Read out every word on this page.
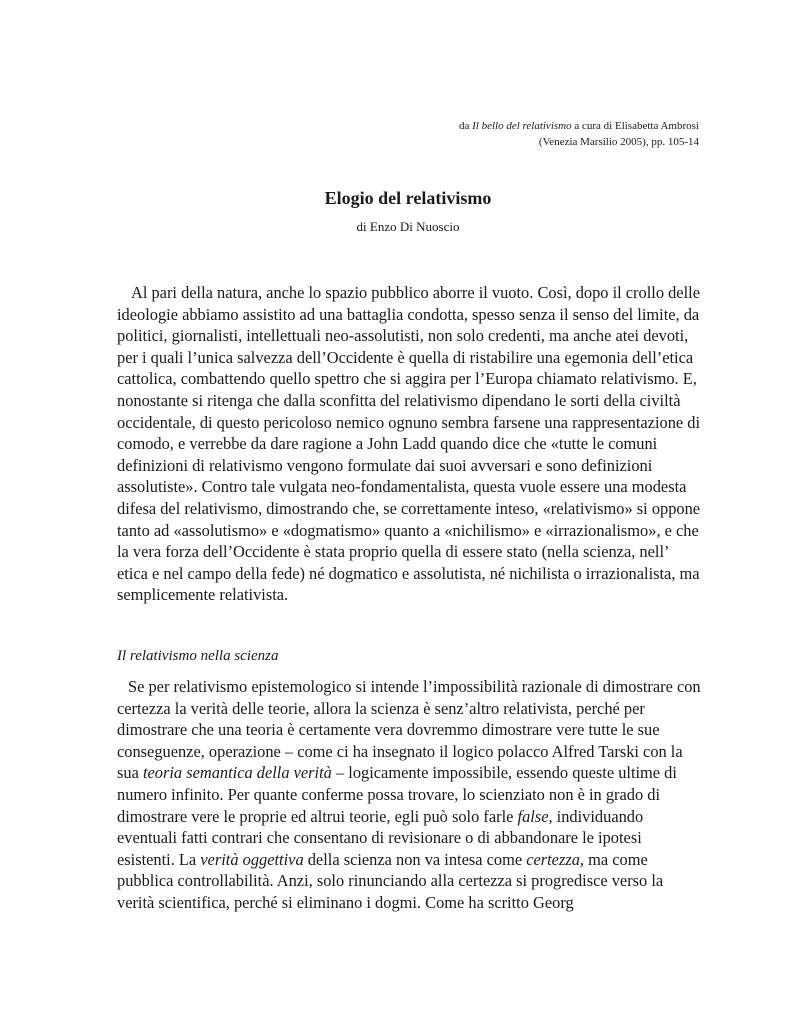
da Il bello del relativismo a cura di Elisabetta Ambrosi
(Venezia Marsilio 2005), pp. 105-14
Elogio del relativismo
di Enzo Di Nuoscio

Al pari della natura, anche lo spazio pubblico aborre il vuoto. Così, dopo il crollo delle ideologie abbiamo assistito ad una battaglia condotta, spesso senza il senso del limite, da politici, giornalisti, intellettuali neo-assolutisti, non solo credenti, ma anche atei devoti, per i quali l’unica salvezza dell’Occidente è quella di ristabilire una egemonia dell’etica cattolica, combattendo quello spettro che si aggira per l’Europa chiamato relativismo. E, nonostante si ritenga che dalla sconfitta del relativismo dipendano le sorti della civiltà occidentale, di questo pericoloso nemico ognuno sembra farsene una rappresentazione di comodo, e verrebbe da dare ragione a John Ladd quando dice che «tutte le comuni definizioni di relativismo vengono formulate dai suoi avversari e sono definizioni assolutiste». Contro tale vulgata neo-fondamentalista, questa vuole essere una modesta difesa del relativismo, dimostrando che, se correttamente inteso, «relativismo» si oppone tanto ad «assolutismo» e «dogmatismo» quanto a «nichilismo» e «irrazionalismo», e che la vera forza dell’Occidente è stata proprio quella di essere stato (nella scienza, nell’ etica e nel campo della fede) né dogmatico e assolutista, né nichilista o irrazionalista, ma semplicemente relativista.

Il relativismo nella scienza

Se per relativismo epistemologico si intende l’impossibilità razionale di dimostrare con certezza la verità delle teorie, allora la scienza è senz’altro relativista, perché per dimostrare che una teoria è certamente vera dovremmo dimostrare vere tutte le sue conseguenze, operazione – come ci ha insegnato il logico polacco Alfred Tarski con la sua teoria semantica della verità – logicamente impossibile, essendo queste ultime di numero infinito. Per quante conferme possa trovare, lo scienziato non è in grado di dimostrare vere le proprie ed altrui teorie, egli può solo farle false, individuando eventuali fatti contrari che consentano di revisionare o di abbandonare le ipotesi esistenti. La verità oggettiva della scienza non va intesa come certezza, ma come pubblica controllabilità. Anzi, solo rinunciando alla certezza si progredisce verso la verità scientifica, perché si eliminano i dogmi. Come ha scritto Georg
